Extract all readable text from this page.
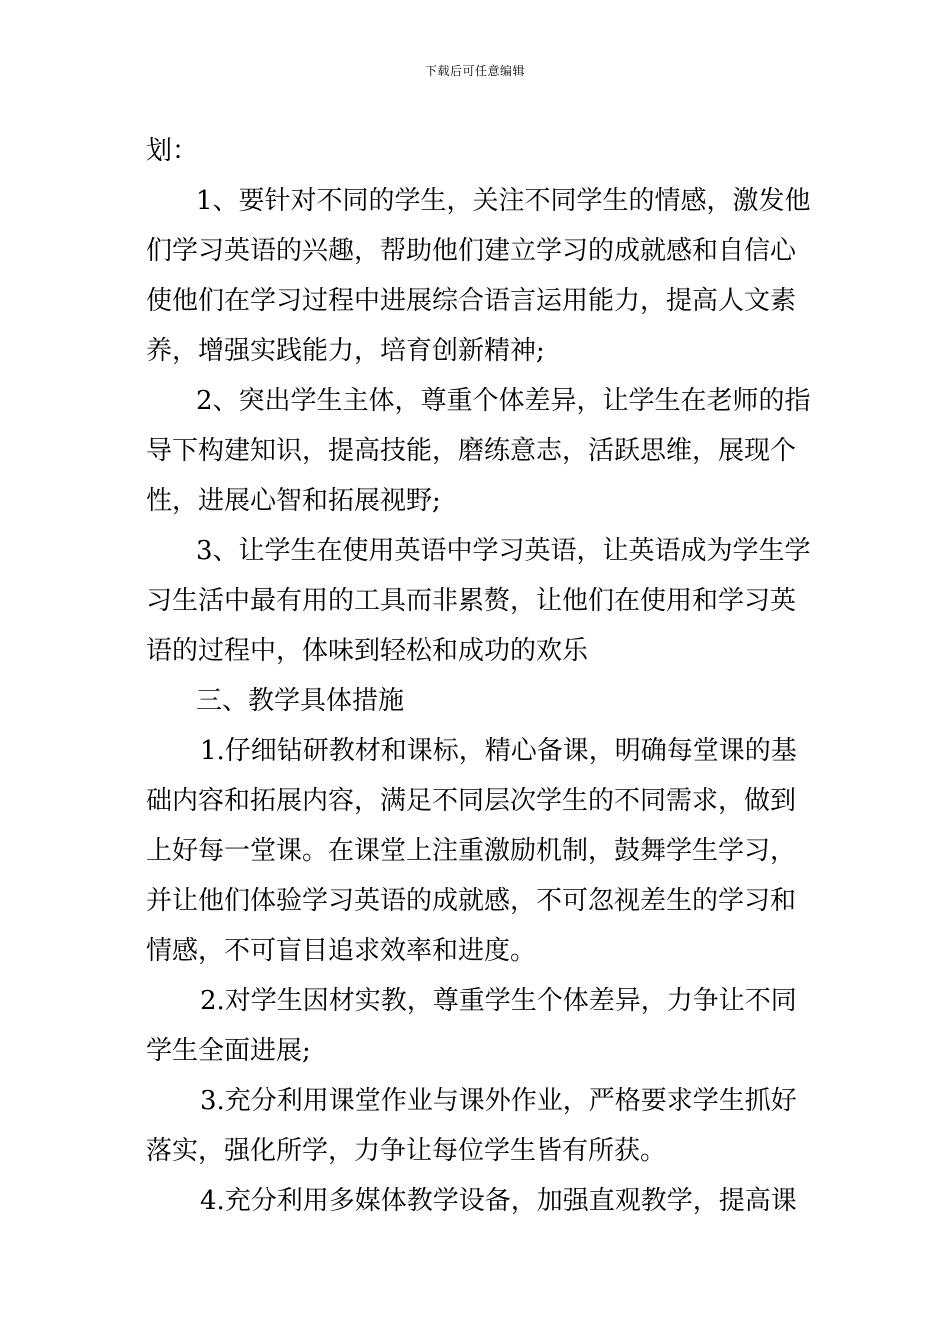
下载后可任意编辑
划：
1、要针对不同的学生，关注不同学生的情感，激发他
们学习英语的兴趣，帮助他们建立学习的成就感和自信心
使他们在学习过程中进展综合语言运用能力，提高人文素
养，增强实践能力，培育创新精神;
2、突出学生主体，尊重个体差异，让学生在老师的指
导下构建知识，提高技能，磨练意志，活跃思维，展现个
性，进展心智和拓展视野;
3、让学生在使用英语中学习英语，让英语成为学生学
习生活中最有用的工具而非累赘，让他们在使用和学习英
语的过程中，体味到轻松和成功的欢乐
三、教学具体措施
1.仔细钻研教材和课标，精心备课，明确每堂课的基
础内容和拓展内容，满足不同层次学生的不同需求，做到
上好每一堂课。在课堂上注重激励机制，鼓舞学生学习，
并让他们体验学习英语的成就感，不可忽视差生的学习和
情感，不可盲目追求效率和进度。
2.对学生因材实教，尊重学生个体差异，力争让不同
学生全面进展;
3.充分利用课堂作业与课外作业，严格要求学生抓好
落实，强化所学，力争让每位学生皆有所获。
4.充分利用多媒体教学设备，加强直观教学，提高课
